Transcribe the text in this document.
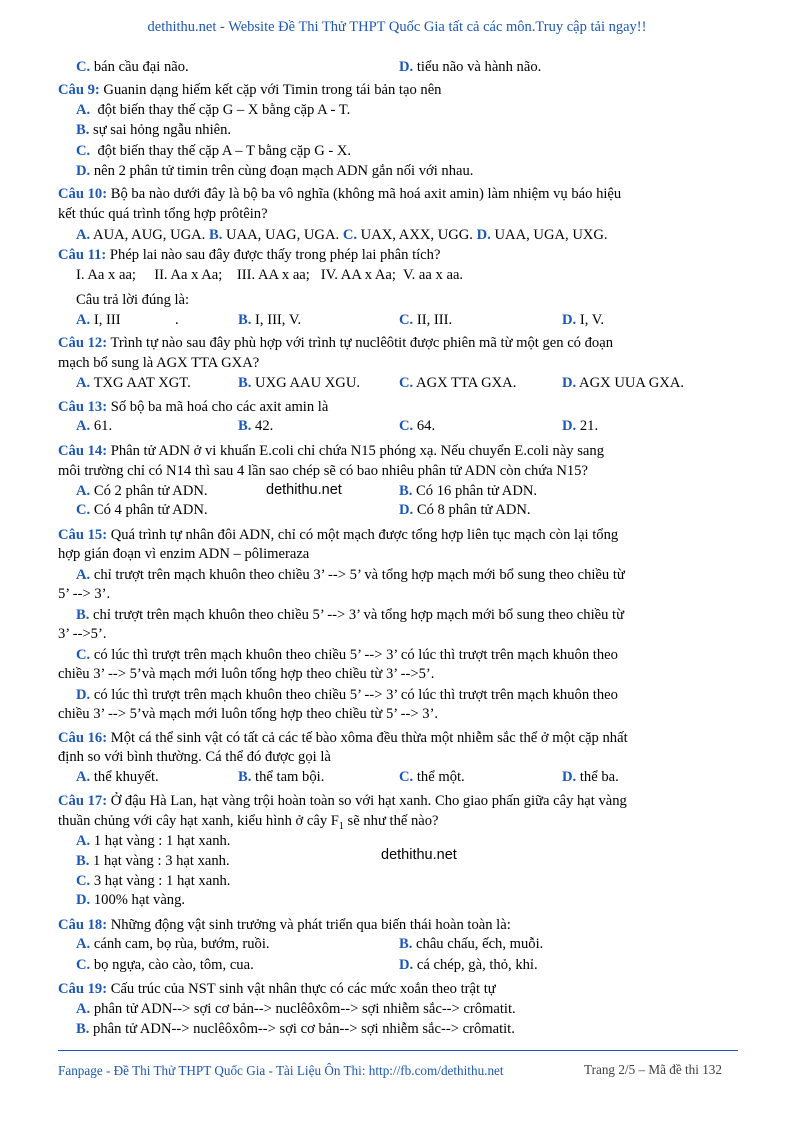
dethithu.net - Website Đề Thi Thử THPT Quốc Gia tất cả các môn.Truy cập tải ngay!!
C. bán cầu đại não.	D. tiểu não và hành não.
Câu 9: Guanin dạng hiếm kết cặp với Timin trong tái bản tạo nên
A. đột biến thay thế cặp G – X bằng cặp A - T.
B. sự sai hỏng ngẫu nhiên.
C. đột biến thay thế cặp A – T bằng cặp G - X.
D. nên 2 phân tử timin trên cùng đoạn mạch ADN gắn nối với nhau.
Câu 10: Bộ ba nào dưới đây là bộ ba vô nghĩa (không mã hoá axit amin) làm nhiệm vụ báo hiệu
kết thúc quá trình tổng hợp prôtêin?
A. AUA, AUG, UGA. B. UAA, UAG, UGA. C. UAX, AXX, UGG. D. UAA, UGA, UXG.
Câu 11: Phép lai nào sau đây được thấy trong phép lai phân tích?
I. Aa x aa;     II. Aa x Aa;    III. AA x aa;   IV. AA x Aa;  V. aa x aa.
Câu trả lời đúng là:
A. I, III	.	B. I, III, V.	C. II, III.	D. I, V.
Câu 12: Trình tự nào sau đây phù hợp với trình tự nuclêôtit được phiên mã từ một gen có đoạn
mạch bổ sung là AGX TTA GXA?
A. TXG AAT XGT.	B. UXG AAU XGU.	C. AGX TTA GXA.	D. AGX UUA GXA.
Câu 13: Số bộ ba mã hoá cho các axit amin là
A. 61.	B. 42.	C. 64.	D. 21.
Câu 14: Phân tử ADN ở vi khuẩn E.coli chỉ chứa N15 phóng xạ. Nếu chuyển E.coli này sang
môi trường chỉ có N14 thì sau 4 lần sao chép sẽ có bao nhiêu phân tử ADN còn chứa N15?
A. Có 2 phân tử ADN.	dethithu.net	B. Có 16 phân tử ADN.
C. Có 4 phân tử ADN.	D. Có 8 phân tử ADN.
Câu 15: Quá trình tự nhân đôi ADN, chỉ có một mạch được tổng hợp liên tục mạch còn lại tổng
hợp gián đoạn vì enzim ADN – pôlimeraza
A. chỉ trượt trên mạch khuôn theo chiều 3’ --> 5’ và tổng hợp mạch mới bổ sung theo chiều từ
5’ --> 3’.
B. chỉ trượt trên mạch khuôn theo chiều 5’ --> 3’ và tổng hợp mạch mới bổ sung theo chiều từ
3’ -->5’.
C. có lúc thì trượt trên mạch khuôn theo chiều 5’ --> 3’ có lúc thì trượt trên mạch khuôn theo
chiều 3’ --> 5’và mạch mới luôn tổng hợp theo chiều từ 3’ -->5’.
D. có lúc thì trượt trên mạch khuôn theo chiều 5’ --> 3’ có lúc thì trượt trên mạch khuôn theo
chiều 3’ --> 5’và mạch mới luôn tổng hợp theo chiều từ 5’ --> 3’.
Câu 16: Một cá thể sinh vật có tất cả các tế bào xôma đều thừa một nhiễm sắc thể ở một cặp nhất
định so với bình thường. Cá thể đó được gọi là
A. thể khuyết.	B. thể tam bội.	C. thể một.	D. thể ba.
Câu 17: Ở đậu Hà Lan, hạt vàng trội hoàn toàn so với hạt xanh. Cho giao phấn giữa cây hạt vàng
thuần chủng với cây hạt xanh, kiểu hình ở cây $F_1$ sẽ như thế nào?
A. 1 hạt vàng : 1 hạt xanh.
dethithu.net
B. 1 hạt vàng : 3 hạt xanh.
C. 3 hạt vàng : 1 hạt xanh.
D. 100% hạt vàng.
Câu 18: Những động vật sinh trưởng và phát triển qua biến thái hoàn toàn là:
A. cánh cam, bọ rùa, bướm, ruồi.	B. châu chấu, ếch, muỗi.
C. bọ ngựa, cào cào, tôm, cua.	D. cá chép, gà, thỏ, khỉ.
Câu 19: Cấu trúc của NST sinh vật nhân thực có các mức xoắn theo trật tự
A. phân tử ADN--> sợi cơ bản--> nuclêôxôm--> sợi nhiễm sắc--> crômatit.
B. phân tử ADN--> nuclêôxôm--> sợi cơ bản--> sợi nhiễm sắc--> crômatit.
Fanpage - Đề Thi Thử THPT Quốc Gia - Tài Liệu Ôn Thi: http://fb.com/dethithu.net	Trang 2/5 – Mã đề thi 132
